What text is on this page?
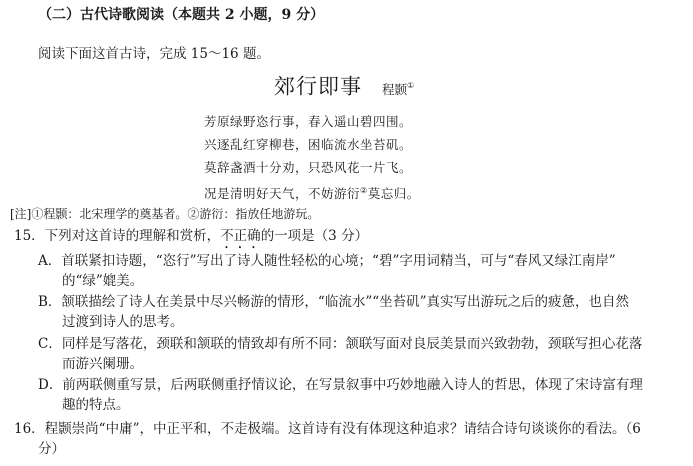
（二）古代诗歌阅读（本题共 2 小题，9 分）
阅读下面这首古诗，完成 15～16 题。
郊行即事 程颢①
芳原绿野恣行事，春入遥山碧四围。
兴逐乱红穿柳巷，困临流水坐苔矶。
莫辞盏酒十分劝，只恐风花一片飞。
况是清明好天气，不妨游衍②莫忘归。
[注]①程颢：北宋理学的奠基者。②游衍：指放任地游玩。
15．下列对这首诗的理解和赏析，不正确的一项是（3 分）
A．首联紧扣诗题，“恣行”写出了诗人随性轻松的心境；“碧”字用词精当，可与“春风又绿江南岸”
的“绿”媲美。
B．颔联描绘了诗人在美景中尽兴畅游的情形，“临流水”“坐苔矶”真实写出游玩之后的疲惫，也自然
过渡到诗人的思考。
C．同样是写落花，颈联和颔联的情致却有所不同：颔联写面对良辰美景而兴致勃勃，颈联写担心花落
而游兴阑珊。
D．前两联侧重写景，后两联侧重抒情议论，在写景叙事中巧妙地融入诗人的哲思，体现了宋诗富有理
趣的特点。
16．程颢崇尚“中庸”，中正平和，不走极端。这首诗有没有体现这种追求？请结合诗句谈谈你的看法。（6
分）
